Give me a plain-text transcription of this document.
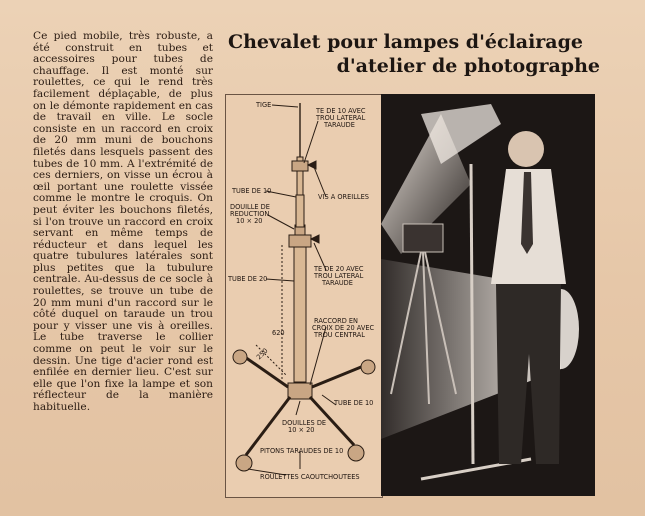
Ce pied mobile, très robuste, a été construit en tubes et accessoires pour tubes de chauffage. Il est monté sur roulettes, ce qui le rend très facilement déplaçable, de plus on le démonte rapidement en cas de travail en ville. Le socle consiste en un raccord en croix de 20 mm muni de bouchons filetés dans lesquels passent des tubes de 10 mm. A l'extrémité de ces derniers, on visse un écrou à œil portant une roulette vissée comme le montre le croquis. On peut éviter les bouchons filetés, si l'on trouve un raccord en croix servant en même temps de réducteur et dans lequel les quatre tubulures latérales sont plus petites que la tubulure centrale. Au-dessus de ce socle à roulettes, se trouve un tube de 20 mm muni d'un raccord sur le côté duquel on taraude un trou pour y visser une vis à oreilles. Le tube traverse le collier comme on peut le voir sur le dessin. Une tige d'acier rond est enfilée en dernier lieu. C'est sur elle que l'on fixe la lampe et son réflecteur de la manière habituelle.
Chevalet pour lampes d'éclairage
d'atelier de photographe
TIGE
TE DE 10 AVEC
TROU LATERAL
TARAUDE
TUBE DE 10
VIS A OREILLES
DOUILLE DE
REDUCTION
10 × 20
TUBE DE 20
TE DE 20 AVEC
TROU LATERAL
TARAUDE
620
RACCORD EN
CROIX DE 20 AVEC
TROU CENTRAL
250
TUBE DE 10
DOUILLES DE
10 × 20
PITONS TARAUDES DE 10
ROULETTES CAOUTCHOUTEES
